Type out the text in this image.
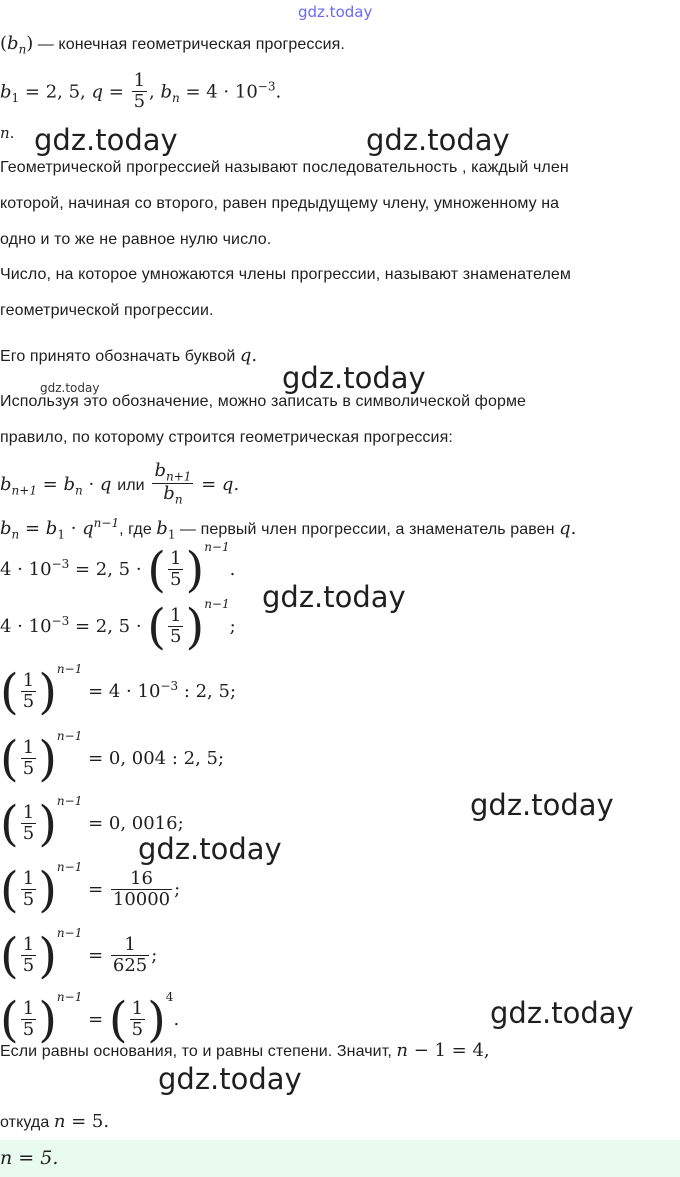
gdz.today
gdz.today	gdz.today
gdz.today
gdz.today
gdz.today
gdz.today
gdz.today
gdz.today
gdz.today
$(b_n)$ — конечная геометрическая прогрессия.
$b_1 = 2$, 5, $q = \frac{1}{5}$ , $b_n = 4 \cdot 10^{-3}$.
n.
Геометрической прогрессией называют последовательность , каждый член
которой, начиная со второго, равен предыдущему члену, умноженному на
одно и то же не равное нулю число.
Число, на которое умножаются члены прогрессии, называют знаменателем
геометрической прогрессии.
Его принято обозначать буквой q.
Используя это обозначение, можно записать в символической форме
правило, по которому строится геометрическая прогрессия:
$b_{n+1} = b_n \cdot q$ или $\frac{b_{n+1}}{b_n} = q$.
$b_n = b_1 \cdot q^{n-1}$, где $b_1$ — первый член прогрессии, а знаменатель равен q.
$4 \cdot 10^{-3} = 2$, 5 · ( $\frac{1}{5} )^{n-1}$.
$4 \cdot 10^{-3} = 2$, 5 · ( $\frac{1}{5} )^{n-1}$;
( $\frac{1}{5} )^{n-1} = 4 \cdot 10^{-3}$ : 2, 5;
( $\frac{1}{5} )^{n-1} = 0$, 004 : 2, 5;
( $\frac{1}{5} )^{n-1} = 0$, 0016;
( $\frac{1}{5} )^{n-1} = \frac{16}{10000}$ ;
( $\frac{1}{5} )^{n-1} = \frac{1}{625}$ ;
( $\frac{1}{5} )^{n-1}$ = ( $\frac{1}{5} )^4$.
Если равны основания, то и равны степени. Значит, n − 1 = 4,
откуда n = 5.
n = 5.
